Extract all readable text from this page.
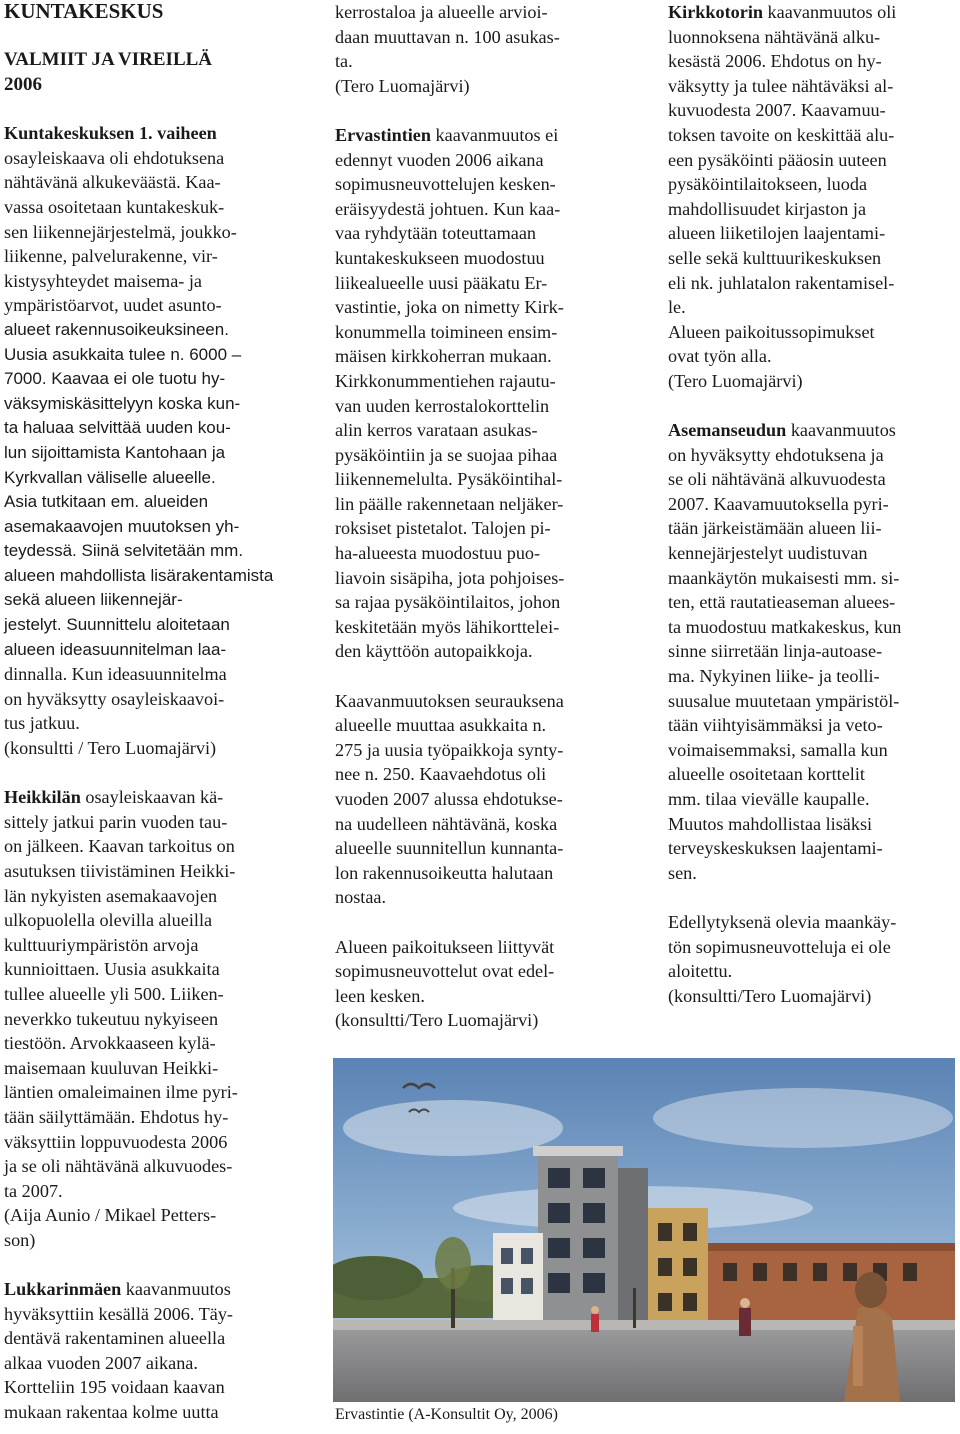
KUNTAKESKUS

VALMIIT JA VIREILLÄ

2006

Kuntakeskuksen 1. vaiheen

osayleiskaava oli ehdotuksena

nähtävänä alkukeväästä. Kaa-

vassa osoitetaan kuntakeskuk-

sen liikennejärjestelmä, joukko-

liikenne, palvelurakenne, vir-

kistysyhteydet maisema- ja

ympäristöarvot, uudet asunto-

alueet rakennusoikeuksineen.

Uusia asukkaita tulee n. 6000 –

7000. Kaavaa ei ole tuotu hy-

väksymiskäsittelyyn koska kun-

ta haluaa selvittää uuden kou-

lun sijoittamista Kantohaan ja

Kyrkvallan väliselle alueelle.

Asia tutkitaan em. alueiden

asemakaavojen muutoksen yh-

teydessä. Siinä selvitetään mm.

alueen mahdollista lisärakentamista sekä alueen liikennejär-

jestelyt. Suunnittelu aloitetaan

alueen ideasuunnitelman laa-

dinnalla. Kun ideasuunnitelma

on hyväksytty osayleiskaavoi-

tus jatkuu.

(konsultti / Tero Luomajärvi)

Heikkilän osayleiskaavan kä-

sittely jatkui parin vuoden tau-

on jälkeen. Kaavan tarkoitus on

asutuksen tiivistäminen Heikki-

län nykyisten asemakaavojen

ulkopuolella olevilla alueilla

kulttuuriympäristön arvoja

kunnioittaen. Uusia asukkaita

tullee alueelle yli 500. Liiken-

neverkko tukeutuu nykyiseen

tiestöön. Arvokkaaseen kylä-

maisemaan kuuluvan Heikki-

läntien omaleimainen ilme pyri-

tään säilyttämään. Ehdotus hy-

väksyttiin loppuvuodesta 2006

ja se oli nähtävänä alkuvuodes-

ta 2007.

(Aija Aunio / Mikael Petters-

son)

Lukkarinmäen kaavanmuutos

hyväksyttiin kesällä 2006. Täy-

dentävä rakentaminen alueella

alkaa vuoden 2007 aikana.

Kortteliin 195 voidaan kaavan

mukaan rakentaa kolme uutta

kerrostaloa ja alueelle arvioi-

daan muuttavan n. 100 asukas-

ta.

(Tero Luomajärvi)

Ervastintien kaavanmuutos ei

edennyt vuoden 2006 aikana

sopimusneuvottelujen kesken-

eräisyydestä johtuen. Kun kaa-

vaa ryhdytään toteuttamaan

kuntakeskukseen muodostuu

liikealueelle uusi pääkatu Er-

vastintie, joka on nimetty Kirk-

konummella toimineen ensim-

mäisen kirkkoherran mukaan.

Kirkkonummentiehen rajautu-

van uuden kerrostalokorttelin

alin kerros varataan asukas-

pysäköintiin ja se suojaa pihaa

liikennemelulta. Pysäköintihal-

lin päälle rakennetaan neljäker-

roksiset pistetalot. Talojen pi-

ha-alueesta muodostuu puo-

liavoin sisäpiha, jota pohjoises-

sa rajaa pysäköintilaitos, johon

keskitetään myös lähikorttelei-

den käyttöön autopaikkoja.

Kaavanmuutoksen seurauksena

alueelle muuttaa asukkaita n.

275 ja uusia työpaikkoja synty-

nee n. 250. Kaavaehdotus oli

vuoden 2007 alussa ehdotukse-

na uudelleen nähtävänä, koska

alueelle suunnitellun kunnanta-

lon rakennusoikeutta halutaan

nostaa.

Alueen paikoitukseen liittyvät

sopimusneuvottelut ovat edel-

leen kesken.

(konsultti/Tero Luomajärvi)

Kirkkotorin kaavanmuutos oli

luonnoksena nähtävänä alku-

kesästä 2006. Ehdotus on hy-

väksytty ja tulee nähtäväksi al-

kuvuodesta 2007. Kaavamuu-

toksen tavoite on keskittää alu-

een pysäköinti pääosin uuteen

pysäköintilaitokseen, luoda

mahdollisuudet kirjaston ja

alueen liiketilojen laajentami-

selle sekä kulttuurikeskuksen

eli nk. juhlatalon rakentamisel-

le.

Alueen paikoitussopimukset

ovat työn alla.

(Tero Luomajärvi)

Asemanseudun kaavanmuutos

on hyväksytty ehdotuksena ja

se oli nähtävänä alkuvuodesta

2007. Kaavamuutoksella pyri-

tään järkeistämään alueen lii-

kennejärjestelyt uudistuvan

maankäytön mukaisesti mm. si-

ten, että rautatieaseman aluees-

ta muodostuu matkakeskus, kun

sinne siirretään linja-autoase-

ma. Nykyinen liike- ja teolli-

suusalue muutetaan ympäristöl-

tään viihtyisämmäksi ja veto-

voimaisemmaksi, samalla kun

alueelle osoitetaan korttelit

mm. tilaa vievälle kaupalle.

Muutos mahdollistaa lisäksi

terveyskeskuksen laajentami-

sen.

Edellytyksenä olevia maankäy-

tön sopimusneuvotteluja ei ole

aloitettu.

(konsultti/Tero Luomajärvi)

Ervastintie (A-Konsultit Oy, 2006)
